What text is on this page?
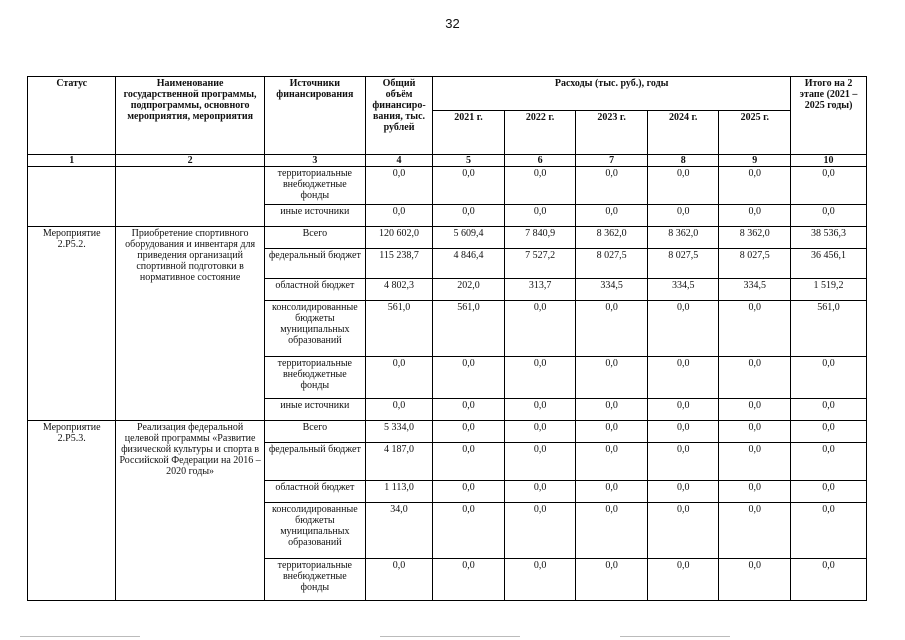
32
Статус	Наименование государственной программы, подпрограммы, основного мероприятия, мероприятия	Источники финансирования	Общий объём финансиро-вания, тыс. рублей	Расходы (тыс. руб.), годы					Итого на 2 этапе (2021 – 2025 годы)
				2021 г.	2022 г.	2023 г.	2024 г.	2025 г.	
1	2	3	4	5	6	7	8	9	10
		территориальные внебюджетные фонды	0,0	0,0	0,0	0,0	0,0	0,0	0,0
		иные источники	0,0	0,0	0,0	0,0	0,0	0,0	0,0
Мероприятие 2.Р5.2.	Приобретение спортивного оборудования и инвентаря для приведения организаций спортивной подготовки в нормативное состояние	Всего	120 602,0	5 609,4	7 840,9	8 362,0	8 362,0	8 362,0	38 536,3
		федеральный бюджет	115 238,7	4 846,4	7 527,2	8 027,5	8 027,5	8 027,5	36 456,1
		областной бюджет	4 802,3	202,0	313,7	334,5	334,5	334,5	1 519,2
		консолидированные бюджеты муниципальных образований	561,0	561,0	0,0	0,0	0,0	0,0	561,0
		территориальные внебюджетные фонды	0,0	0,0	0,0	0,0	0,0	0,0	0,0
		иные источники	0,0	0,0	0,0	0,0	0,0	0,0	0,0
Мероприятие 2.Р5.3.	Реализация федеральной целевой программы «Развитие физической культуры и спорта в Российской Федерации на 2016 – 2020 годы»	Всего	5 334,0	0,0	0,0	0,0	0,0	0,0	0,0
		федеральный бюджет	4 187,0	0,0	0,0	0,0	0,0	0,0	0,0
		областной бюджет	1 113,0	0,0	0,0	0,0	0,0	0,0	0,0
		консолидированные бюджеты муниципальных образований	34,0	0,0	0,0	0,0	0,0	0,0	0,0
		территориальные внебюджетные фонды	0,0	0,0	0,0	0,0	0,0	0,0	0,0
